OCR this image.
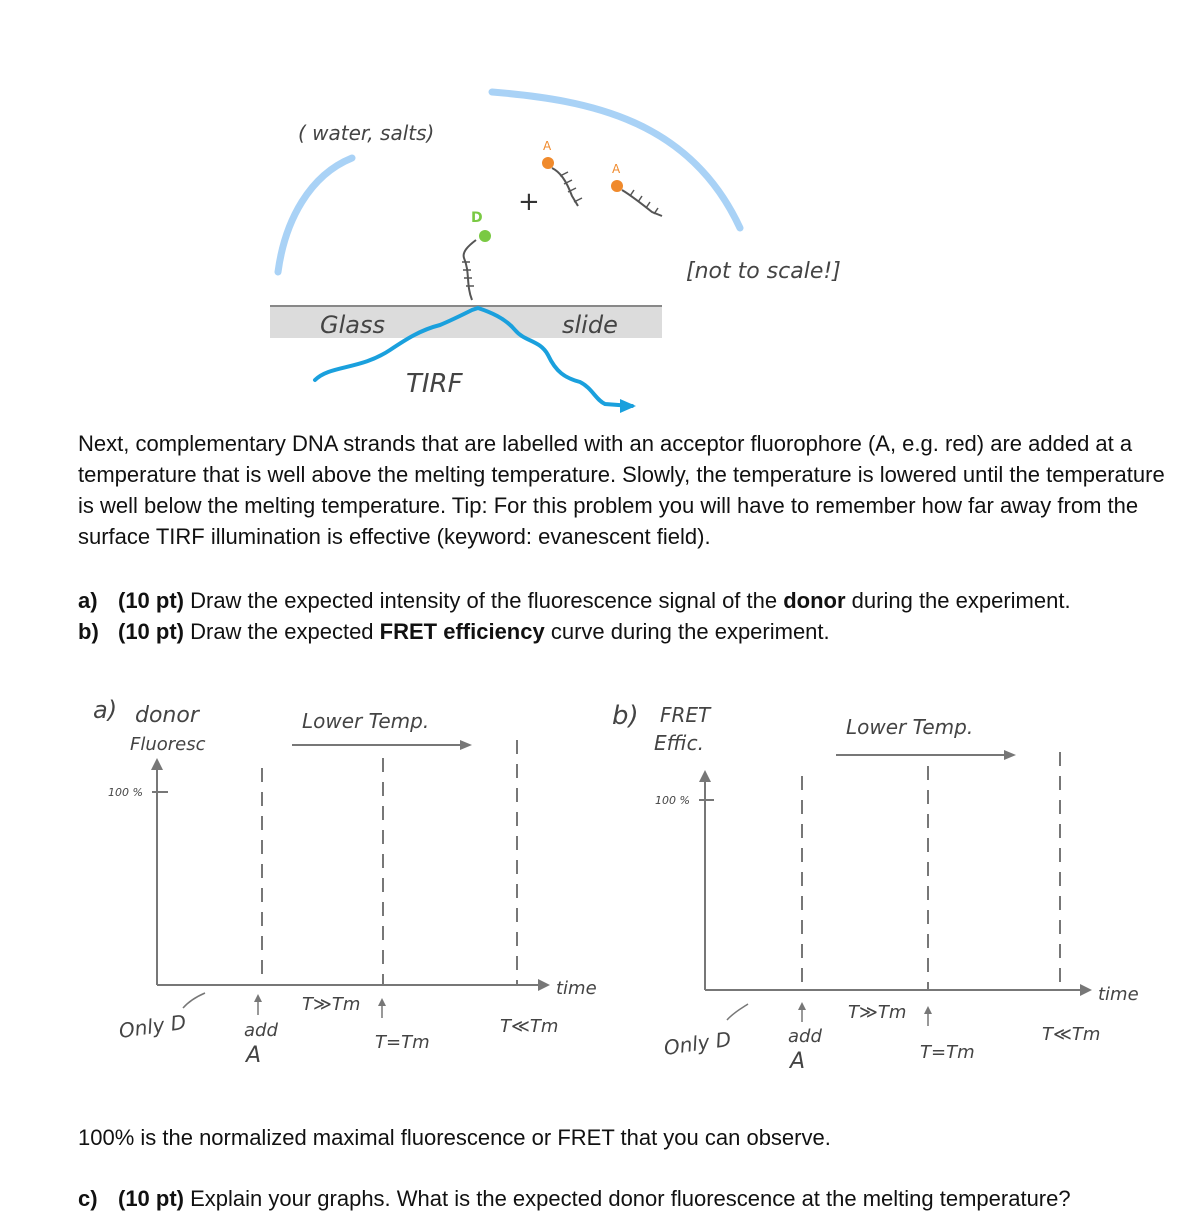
( water, salts)
D
+
A
A
[not to scale!]
Glass	slide
TIRF
a) donor
Fluoresc
100 %
time
Lower Temp.
Only D	add
A
T≫Tm
T=Tm
T≪Tm
b) FRET
Effic.
100 %
time
Lower Temp.
Only D	add
A
T≫Tm
T=Tm
T≪Tm

Next, complementary DNA strands that are labelled with an acceptor fluorophore (A, e.g. red) are added at a temperature that is well above the melting temperature. Slowly, the temperature is lowered until the temperature is well below the melting temperature. Tip: For this problem you will have to remember how far away from the surface TIRF illumination is effective (keyword: evanescent field).

a) (10 pt) Draw the expected intensity of the fluorescence signal of the donor during the experiment.

b) (10 pt) Draw the expected FRET efficiency curve during the experiment.

100% is the normalized maximal fluorescence or FRET that you can observe.

c) (10 pt) Explain your graphs. What is the expected donor fluorescence at the melting temperature?
